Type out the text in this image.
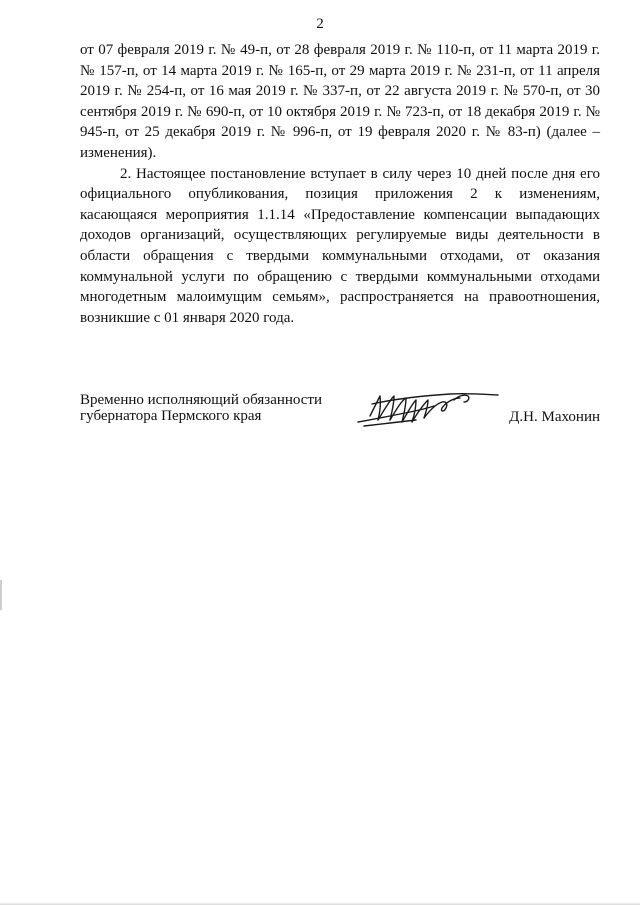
2

от 07 февраля 2019 г. № 49-п, от 28 февраля 2019 г. № 110-п, от 11 марта 2019 г. № 157-п, от 14 марта 2019 г. № 165-п, от 29 марта 2019 г. № 231-п, от 11 апреля 2019 г. № 254-п, от 16 мая 2019 г. № 337-п, от 22 августа 2019 г. № 570-п, от 30 сентября 2019 г. № 690-п, от 10 октября 2019 г. № 723-п, от 18 декабря 2019 г. № 945-п, от 25 декабря 2019 г. № 996-п, от 19 февраля 2020 г. № 83-п) (далее – изменения).

2. Настоящее постановление вступает в силу через 10 дней после дня его официального опубликования, позиция приложения 2 к изменениям, касающаяся мероприятия 1.1.14 «Предоставление компенсации выпадающих доходов организаций, осуществляющих регулируемые виды деятельности в области обращения с твердыми коммунальными отходами, от оказания коммунальной услуги по обращению с твердыми коммунальными отходами многодетным малоимущим семьям», распространяется на правоотношения, возникшие с 01 января 2020 года.

Временно исполняющий обязанности
губернатора Пермского края	Д.Н. Махонин
